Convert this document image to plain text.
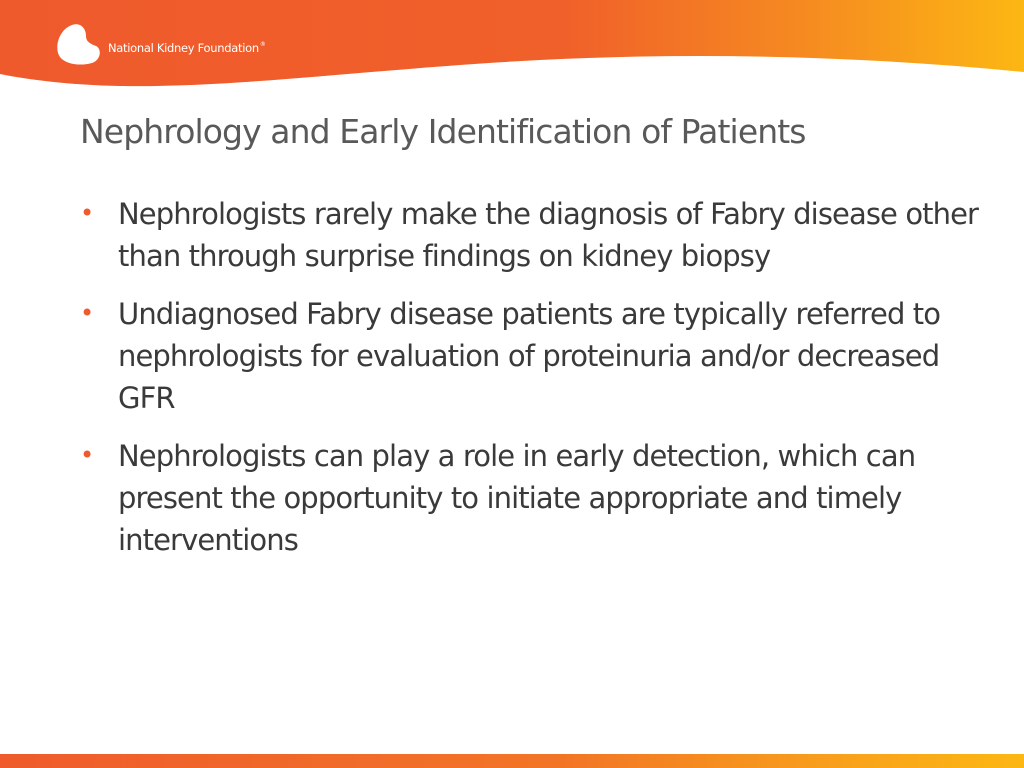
National Kidney Foundation®
Nephrology and Early Identification of Patients
• Nephrologists rarely make the diagnosis of Fabry disease other than through surprise findings on kidney biopsy
• Undiagnosed Fabry disease patients are typically referred to nephrologists for evaluation of proteinuria and/or decreased GFR
• Nephrologists can play a role in early detection, which can present the opportunity to initiate appropriate and timely interventions
